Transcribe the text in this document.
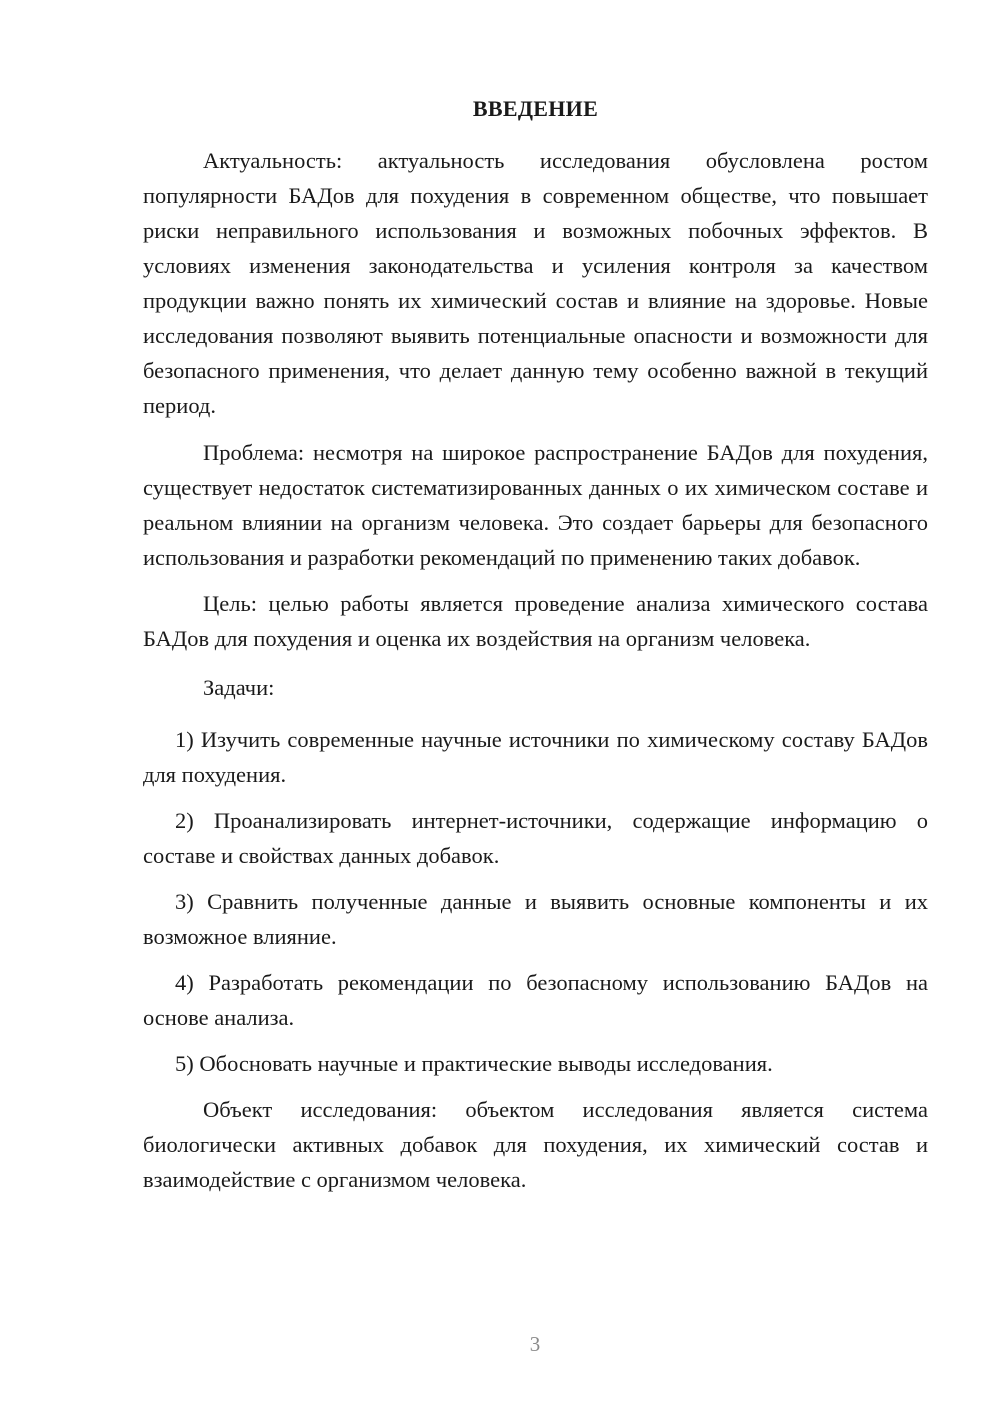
ВВЕДЕНИЕ

Актуальность: актуальность исследования обусловлена ростом популярности БАДов для похудения в современном обществе, что повышает риски неправильного использования и возможных побочных эффектов. В условиях изменения законодательства и усиления контроля за качеством продукции важно понять их химический состав и влияние на здоровье. Новые исследования позволяют выявить потенциальные опасности и возможности для безопасного применения, что делает данную тему особенно важной в текущий период.

Проблема: несмотря на широкое распространение БАДов для похудения, существует недостаток систематизированных данных о их химическом составе и реальном влиянии на организм человека. Это создает барьеры для безопасного использования и разработки рекомендаций по применению таких добавок.

Цель: целью работы является проведение анализа химического состава БАДов для похудения и оценка их воздействия на организм человека.

Задачи:

1) Изучить современные научные источники по химическому составу БАДов для похудения.

2) Проанализировать интернет-источники, содержащие информацию о составе и свойствах данных добавок.

3) Сравнить полученные данные и выявить основные компоненты и их возможное влияние.

4) Разработать рекомендации по безопасному использованию БАДов на основе анализа.

5) Обосновать научные и практические выводы исследования.

Объект исследования: объектом исследования является система биологически активных добавок для похудения, их химический состав и взаимодействие с организмом человека.

3
